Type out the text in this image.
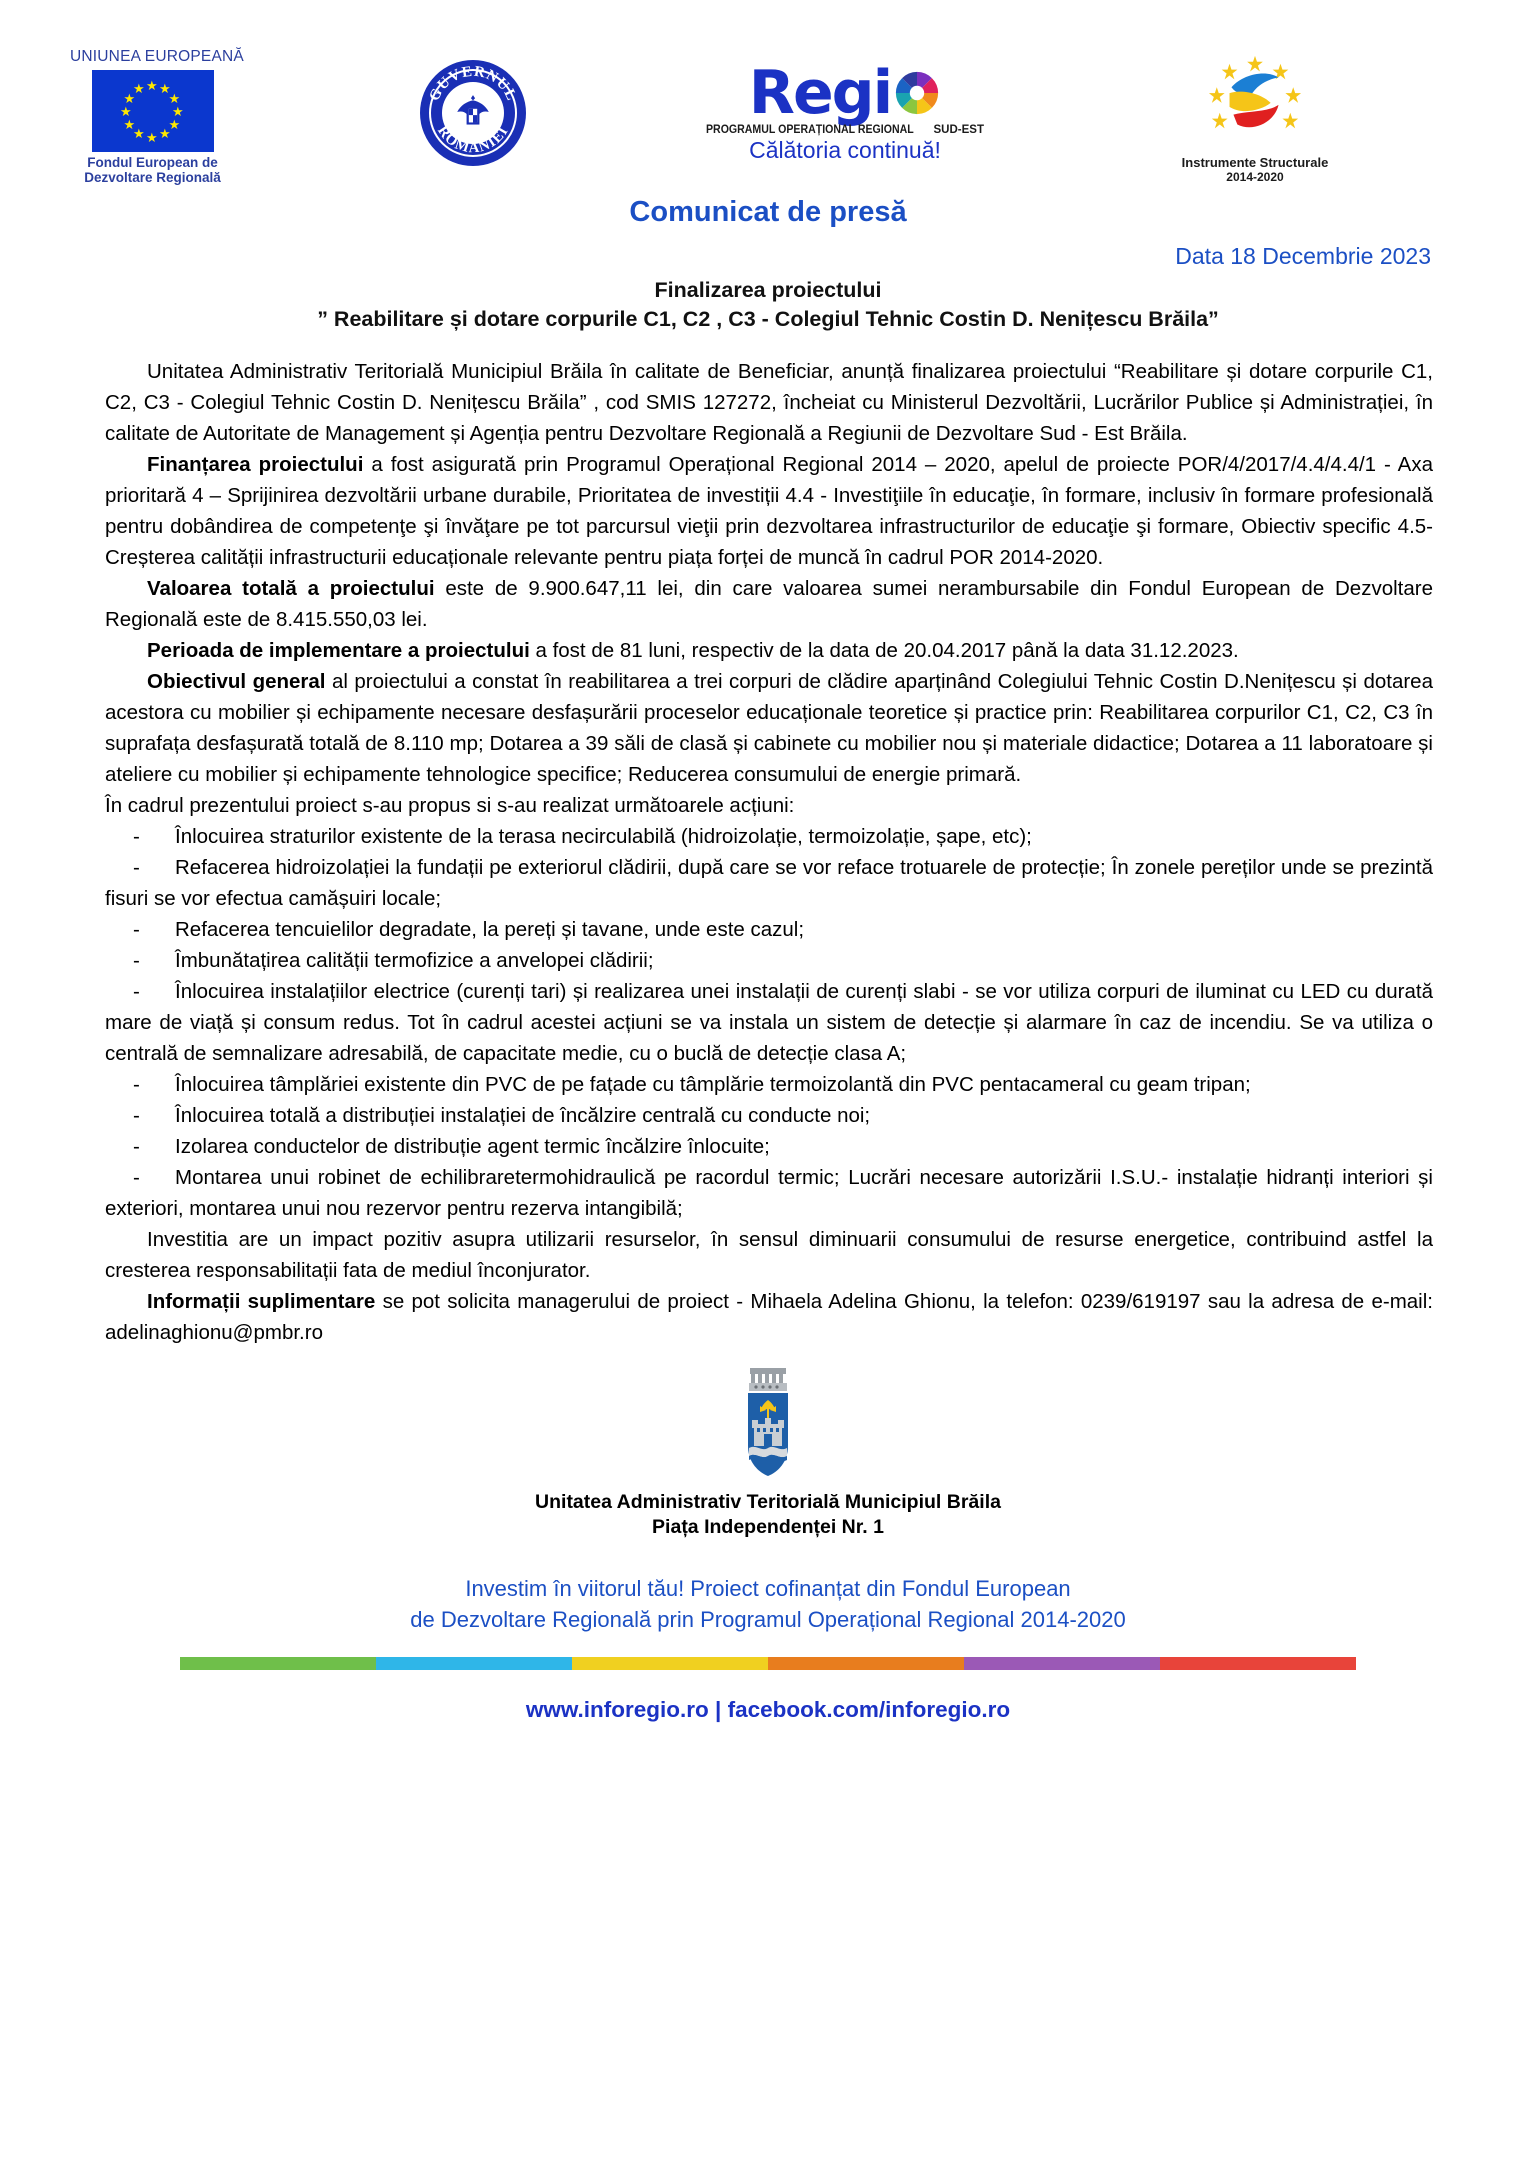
UNIUNEA EUROPEANĂ
★ ★
★
★
★
★
★
★
★
★
★
★
Fondul European de
Dezvoltare Regională
GUVERNUL
ROMÂNIEI
Regi
PROGRAMUL OPERAȚIONAL REGIONAL SUD-EST
Călătoria continuă!	Instrumente Structurale
2014-2020
Comunicat de presă
Data 18 Decembrie 2023
Finalizarea proiectului
” Reabilitare și dotare corpurile C1, C2 , C3 - Colegiul Tehnic Costin D. Nenițescu Brăila”

Unitatea Administrativ Teritorială Municipiul Brăila în calitate de Beneficiar, anunță finalizarea proiectului “Reabilitare și dotare corpurile C1, C2, C3 - Colegiul Tehnic Costin D. Nenițescu Brăila” , cod SMIS 127272, încheiat cu Ministerul Dezvoltării, Lucrărilor Publice și Administrației, în calitate de Autoritate de Management și Agenția pentru Dezvoltare Regională a Regiunii de Dezvoltare Sud - Est Brăila.

Finanțarea proiectului a fost asigurată prin Programul Operațional Regional 2014 – 2020, apelul de proiecte POR/4/2017/4.4/4.4/1 - Axa prioritară 4 – Sprijinirea dezvoltării urbane durabile, Prioritatea de investiții 4.4 - Investiţiile în educaţie, în formare, inclusiv în formare profesională pentru dobândirea de competenţe şi învăţare pe tot parcursul vieţii prin dezvoltarea infrastructurilor de educaţie şi formare, Obiectiv specific 4.5- Creșterea calității infrastructurii educaționale relevante pentru piața forței de muncă în cadrul POR 2014-2020.

Valoarea totală a proiectului este de 9.900.647,11 lei, din care valoarea sumei nerambursabile din Fondul European de Dezvoltare Regională este de 8.415.550,03 lei.

Perioada de implementare a proiectului a fost de 81 luni, respectiv de la data de 20.04.2017 până la data 31.12.2023.

Obiectivul general al proiectului a constat în reabilitarea a trei corpuri de clădire aparținând Colegiului Tehnic Costin D.Nenițescu și dotarea acestora cu mobilier și echipamente necesare desfașurării proceselor educaționale teoretice și practice prin: Reabilitarea corpurilor C1, C2, C3 în suprafața desfașurată totală de 8.110 mp; Dotarea a 39 săli de clasă și cabinete cu mobilier nou și materiale didactice; Dotarea a 11 laboratoare și ateliere cu mobilier și echipamente tehnologice specifice; Reducerea consumului de energie primară.

În cadrul prezentului proiect s-au propus si s-au realizat următoarele acțiuni:

- Înlocuirea straturilor existente de la terasa necirculabilă (hidroizolație, termoizolație, șape, etc);
- Refacerea hidroizolației la fundații pe exteriorul clădirii, după care se vor reface trotuarele de protecție; În zonele pereților unde se prezintă fisuri se vor efectua camășuiri locale;
- Refacerea tencuielilor degradate, la pereți și tavane, unde este cazul;
- Îmbunătațirea calității termofizice a anvelopei clădirii;
- Înlocuirea instalațiilor electrice (curenți tari) și realizarea unei instalații de curenți slabi - se vor utiliza corpuri de iluminat cu LED cu durată mare de viață și consum redus. Tot în cadrul acestei acțiuni se va instala un sistem de detecție și alarmare în caz de incendiu. Se va utiliza o centrală de semnalizare adresabilă, de capacitate medie, cu o buclă de detecție clasa A;
- Înlocuirea tâmplăriei existente din PVC de pe fațade cu tâmplărie termoizolantă din PVC pentacameral cu geam tripan;
- Înlocuirea totală a distribuției instalației de încălzire centrală cu conducte noi;
- Izolarea conductelor de distribuție agent termic încălzire înlocuite;
- Montarea unui robinet de echilibraretermohidraulică pe racordul termic; Lucrări necesare autorizării I.S.U.- instalație hidranți interiori și exteriori, montarea unui nou rezervor pentru rezerva intangibilă;

Investitia are un impact pozitiv asupra utilizarii resurselor, în sensul diminuarii consumului de resurse energetice, contribuind astfel la cresterea responsabilitații fata de mediul înconjurator.

Informații suplimentare se pot solicita managerului de proiect - Mihaela Adelina Ghionu, la telefon: 0239/619197 sau la adresa de e-mail: adelinaghionu@pmbr.ro

Unitatea Administrativ Teritorială Municipiul Brăila
Piața Independenței Nr. 1
Investim în viitorul tău! Proiect cofinanțat din Fondul European
de Dezvoltare Regională prin Programul Operațional Regional 2014-2020
www.inforegio.ro | facebook.com/inforegio.ro
